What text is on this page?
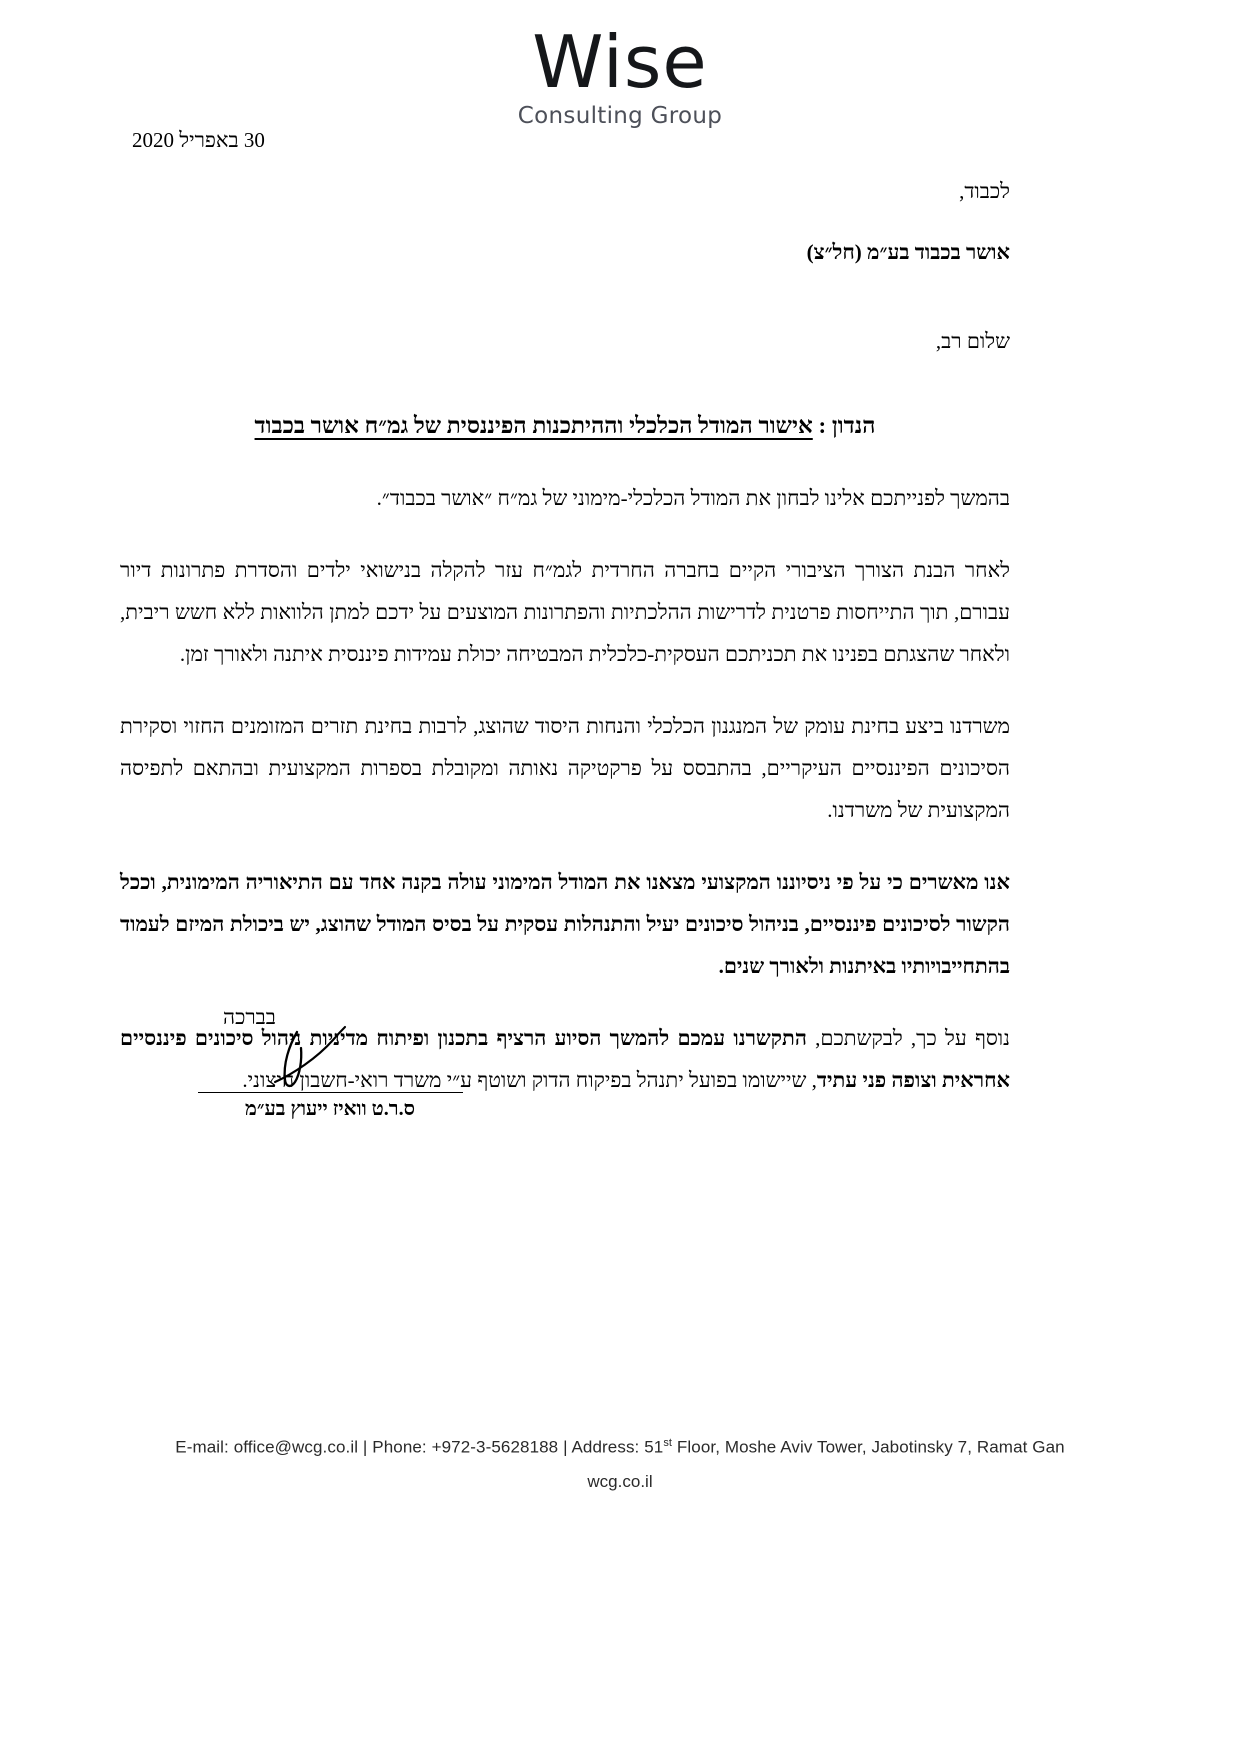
Wise
Consulting Group
30 באפריל 2020

לכבוד,

אושר בכבוד בע״מ (חל״צ)

שלום רב,

הנדון : אישור המודל הכלכלי וההיתכנות הפיננסית של גמ״ח אושר בכבוד

בהמשך לפנייתכם אלינו לבחון את המודל הכלכלי-מימוני של גמ״ח ״אושר בכבוד״.

לאחר הבנת הצורך הציבורי הקיים בחברה החרדית לגמ״ח עזר להקלה בנישואי ילדים והסדרת פתרונות דיור עבורם, תוך התייחסות פרטנית לדרישות ההלכתיות והפתרונות המוצעים על ידכם למתן הלוואות ללא חשש ריבית, ולאחר שהצגתם בפנינו את תכניתכם העסקית-כלכלית המבטיחה יכולת עמידות פיננסית איתנה ולאורך זמן.

משרדנו ביצע בחינת עומק של המנגנון הכלכלי והנחות היסוד שהוצג, לרבות בחינת תזרים המזומנים החזוי וסקירת הסיכונים הפיננסיים העיקריים, בהתבסס על פרקטיקה נאותה ומקובלת בספרות המקצועית ובהתאם לתפיסה המקצועית של משרדנו.

אנו מאשרים כי על פי ניסיוננו המקצועי מצאנו את המודל המימוני עולה בקנה אחד עם התיאוריה המימונית, וככל הקשור לסיכונים פיננסיים, בניהול סיכונים יעיל והתנהלות עסקית על בסיס המודל שהוצג, יש ביכולת המיזם לעמוד בהתחייבויותיו באיתנות ולאורך שנים.

נוסף על כך, לבקשתכם, התקשרנו עמכם להמשך הסיוע הרציף בתכנון ופיתוח מדיניות ניהול סיכונים פיננסיים אחראית וצופה פני עתיד, שיישומו בפועל יתנהל בפיקוח הדוק ושוטף ע״י משרד רואי-חשבון חיצוני.

בברכה
ס.ר.ט וואיז ייעוץ בע״מ
E-mail: office@wcg.co.il | Phone: +972-3-5628188 | Address: 51st Floor, Moshe Aviv Tower, Jabotinsky 7, Ramat Gan
wcg.co.il
